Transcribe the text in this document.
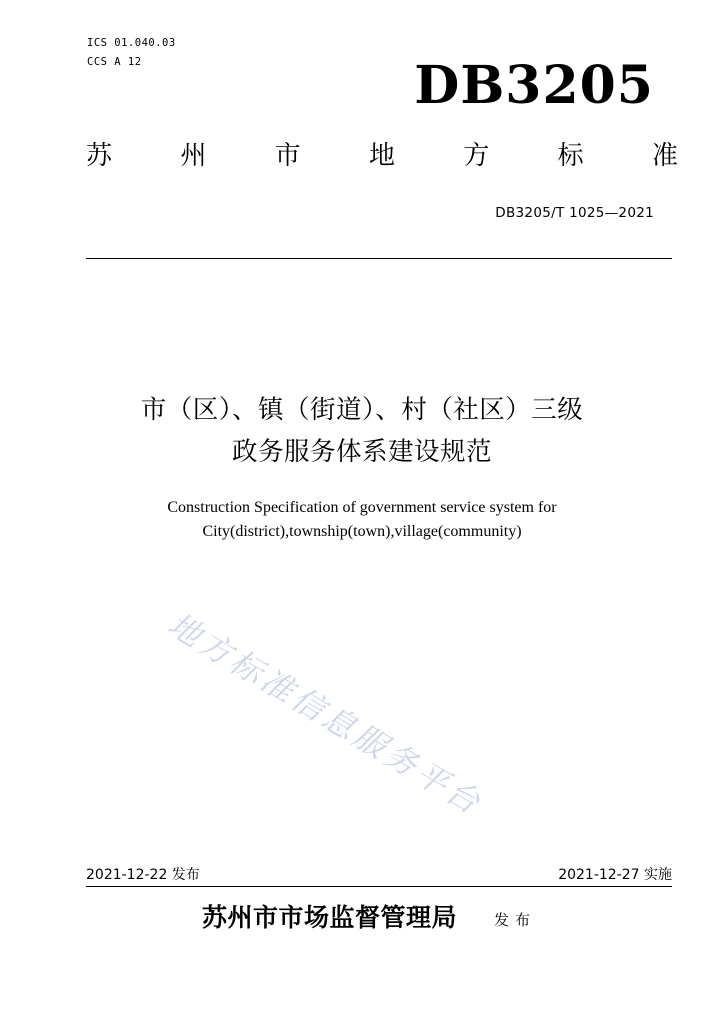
ICS 01.040.03
CCS A 12	DB3205
苏	州	市	地	方	标	准
DB3205/T 1025—2021
市（区）、镇（街道）、村（社区）三级
政务服务体系建设规范
Construction Specification of government service system for
City(district),township(town),village(community)
地方标准信息服务平台
2021-12-22 发布	2021-12-27 实施
苏州市市场监督管理局 发布
